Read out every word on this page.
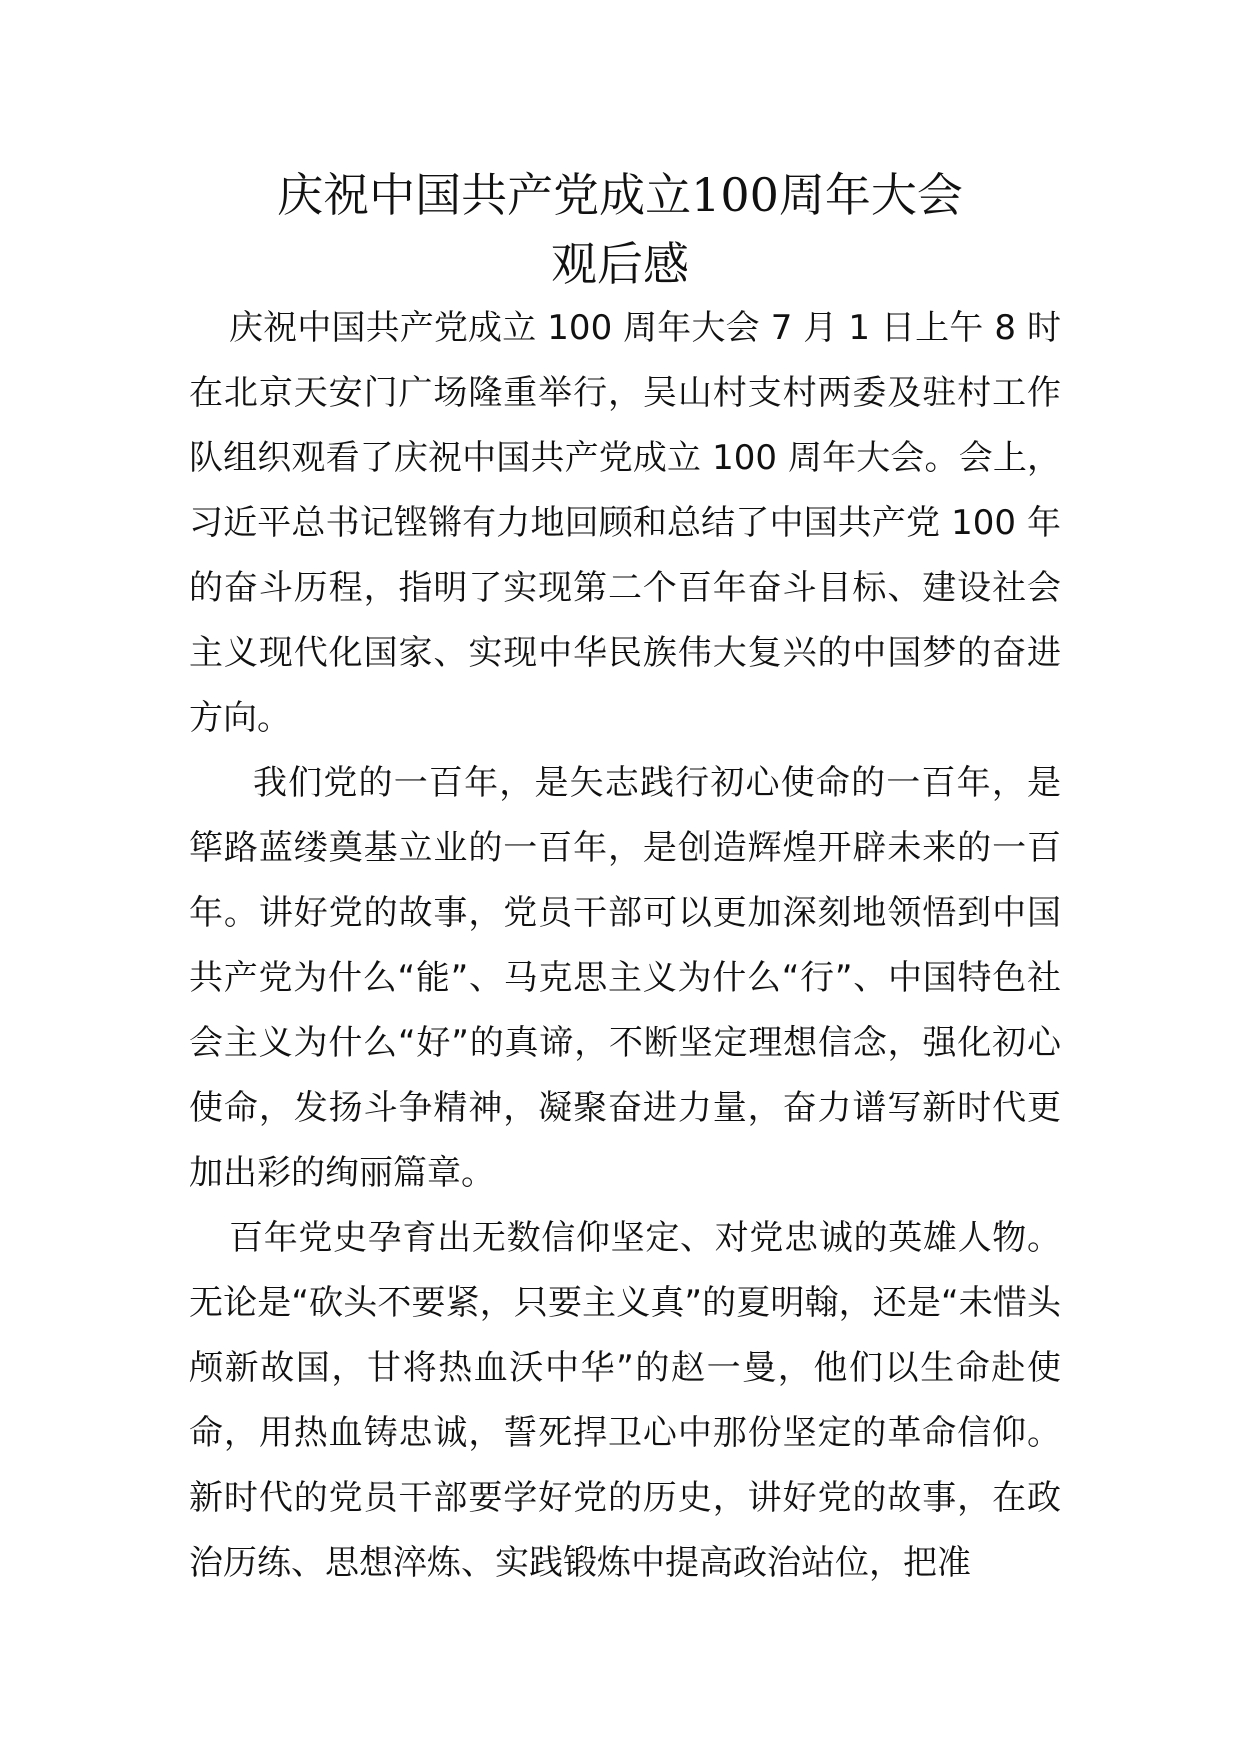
庆祝中国共产党成立100周年大会
观后感

庆祝中国共产党成立 100 周年大会 7 月 1 日上午 8 时在北京天安门广场隆重举行，吴山村支村两委及驻村工作队组织观看了庆祝中国共产党成立 100 周年大会。会上，习近平总书记铿锵有力地回顾和总结了中国共产党 100 年的奋斗历程，指明了实现第二个百年奋斗目标、建设社会主义现代化国家、实现中华民族伟大复兴的中国梦的奋进方向。

我们党的一百年，是矢志践行初心使命的一百年，是筚路蓝缕奠基立业的一百年，是创造辉煌开辟未来的一百年。讲好党的故事，党员干部可以更加深刻地领悟到中国共产党为什么“能”、马克思主义为什么“行”、中国特色社会主义为什么“好”的真谛，不断坚定理想信念，强化初心使命，发扬斗争精神，凝聚奋进力量，奋力谱写新时代更加出彩的绚丽篇章。

百年党史孕育出无数信仰坚定、对党忠诚的英雄人物。无论是“砍头不要紧，只要主义真”的夏明翰，还是“未惜头颅新故国，甘将热血沃中华”的赵一曼，他们以生命赴使命，用热血铸忠诚，誓死捍卫心中那份坚定的革命信仰。新时代的党员干部要学好党的历史，讲好党的故事，在政治历练、思想淬炼、实践锻炼中提高政治站位，把准
